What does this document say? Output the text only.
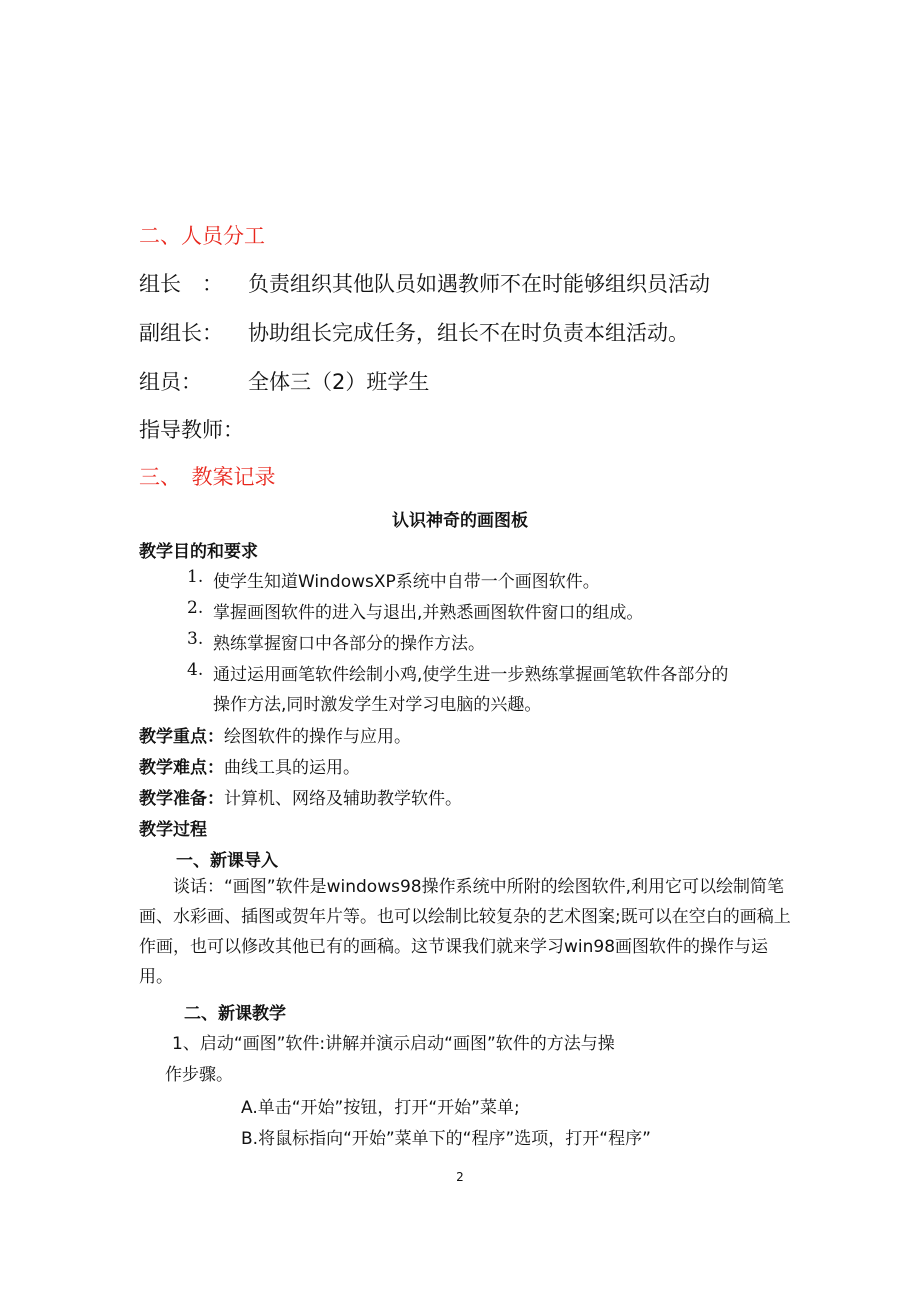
二、人员分工
组长　： 负责组织其他队员如遇教师不在时能够组织员活动
副组长： 协助组长完成任务，组长不在时负责本组活动。
组员： 全体三（2）班学生
指导教师：
三、　教案记录
认识神奇的画图板
教学目的和要求
1. 使学生知道WindowsXP系统中自带一个画图软件。
2. 掌握画图软件的进入与退出,并熟悉画图软件窗口的组成。
3. 熟练掌握窗口中各部分的操作方法。
4. 通过运用画笔软件绘制小鸡,使学生进一步熟练掌握画笔软件各部分的
操作方法,同时激发学生对学习电脑的兴趣。
教学重点：绘图软件的操作与应用。
教学难点：曲线工具的运用。
教学准备：计算机、网络及辅助教学软件。
教学过程
一、新课导入
谈话：“画图”软件是windows98操作系统中所附的绘图软件,利用它可以绘制简笔画、水彩画、插图或贺年片等。也可以绘制比较复杂的艺术图案;既可以在空白的画稿上作画，也可以修改其他已有的画稿。这节课我们就来学习win98画图软件的操作与运用。
二、新课教学
1、启动“画图”软件:讲解并演示启动“画图”软件的方法与操
作步骤。
A.单击“开始”按钮，打开“开始”菜单;
B.将鼠标指向“开始”菜单下的“程序”选项，打开“程序”
2
